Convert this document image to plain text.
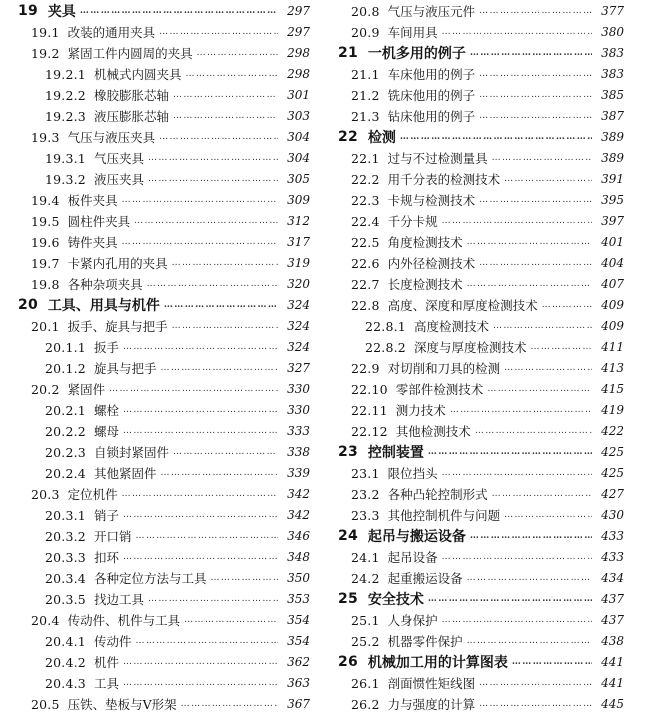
19 夹具 ………………………………………………………………………………	297
19.1 改装的通用夹具 ………………………………………………………………………………	297
19.2 紧固工件内圆周的夹具 ………………………………………………………………………………	298
19.2.1 机械式内圆夹具 ………………………………………………………………………………	298
19.2.2 橡胶膨胀芯轴 ………………………………………………………………………………	301
19.2.3 液压膨胀芯轴 ………………………………………………………………………………	303
19.3 气压与液压夹具 ………………………………………………………………………………	304
19.3.1 气压夹具 ………………………………………………………………………………	304
19.3.2 液压夹具 ………………………………………………………………………………	305
19.4 板件夹具 ………………………………………………………………………………	309
19.5 圆柱件夹具 ………………………………………………………………………………	312
19.6 铸件夹具 ………………………………………………………………………………	317
19.7 卡紧内孔用的夹具 ………………………………………………………………………………	319
19.8 各种杂项夹具 ………………………………………………………………………………	320
20 工具、用具与机件 ………………………………………………………………………………	324
20.1 扳手、旋具与把手 ………………………………………………………………………………	324
20.1.1 扳手 ………………………………………………………………………………	324
20.1.2 旋具与把手 ………………………………………………………………………………	327
20.2 紧固件 ………………………………………………………………………………	330
20.2.1 螺栓 ………………………………………………………………………………	330
20.2.2 螺母 ………………………………………………………………………………	333
20.2.3 自锁封紧固件 ………………………………………………………………………………	338
20.2.4 其他紧固件 ………………………………………………………………………………	339
20.3 定位机件 ………………………………………………………………………………	342
20.3.1 销子 ………………………………………………………………………………	342
20.3.2 开口销 ………………………………………………………………………………	346
20.3.3 扣环 ………………………………………………………………………………	348
20.3.4 各种定位方法与工具 ………………………………………………………………………………	350
20.3.5 找边工具 ………………………………………………………………………………	353
20.4 传动件、机件与工具 ………………………………………………………………………………	354
20.4.1 传动件 ………………………………………………………………………………	354
20.4.2 机件 ………………………………………………………………………………	362
20.4.3 工具 ………………………………………………………………………………	363
20.5 压铁、垫板与V形架 ………………………………………………………………………………	367
20.8 气压与液压元件 ………………………………………………………………………………	377
20.9 车间用具 ………………………………………………………………………………	380
21 一机多用的例子 ………………………………………………………………………………	383
21.1 车床他用的例子 ………………………………………………………………………………	383
21.2 铣床他用的例子 ………………………………………………………………………………	385
21.3 钻床他用的例子 ………………………………………………………………………………	387
22 检测 ………………………………………………………………………………	389
22.1 过与不过检测量具 ………………………………………………………………………………	389
22.2 用千分表的检测技术 ………………………………………………………………………………	391
22.3 卡规与检测技术 ………………………………………………………………………………	395
22.4 千分卡规 ………………………………………………………………………………	397
22.5 角度检测技术 ………………………………………………………………………………	401
22.6 内外径检测技术 ………………………………………………………………………………	404
22.7 长度检测技术 ………………………………………………………………………………	407
22.8 高度、深度和厚度检测技术 ………………………………………………………………………………	409
22.8.1 高度检测技术 ………………………………………………………………………………	409
22.8.2 深度与厚度检测技术 ………………………………………………………………………………	411
22.9 对切削和刀具的检测 ………………………………………………………………………………	413
22.10 零部件检测技术 ………………………………………………………………………………	415
22.11 测力技术 ………………………………………………………………………………	419
22.12 其他检测技术 ………………………………………………………………………………	422
23 控制装置 ………………………………………………………………………………	425
23.1 限位挡头 ………………………………………………………………………………	425
23.2 各种凸轮控制形式 ………………………………………………………………………………	427
23.3 其他控制机件与问题 ………………………………………………………………………………	430
24 起吊与搬运设备 ………………………………………………………………………………	433
24.1 起吊设备 ………………………………………………………………………………	433
24.2 起重搬运设备 ………………………………………………………………………………	434
25 安全技术 ………………………………………………………………………………	437
25.1 人身保护 ………………………………………………………………………………	437
25.2 机器零件保护 ………………………………………………………………………………	438
26 机械加工用的计算图表 ………………………………………………………………………………	441
26.1 剖面惯性矩线图 ………………………………………………………………………………	441
26.2 力与强度的计算 ………………………………………………………………………………	445
